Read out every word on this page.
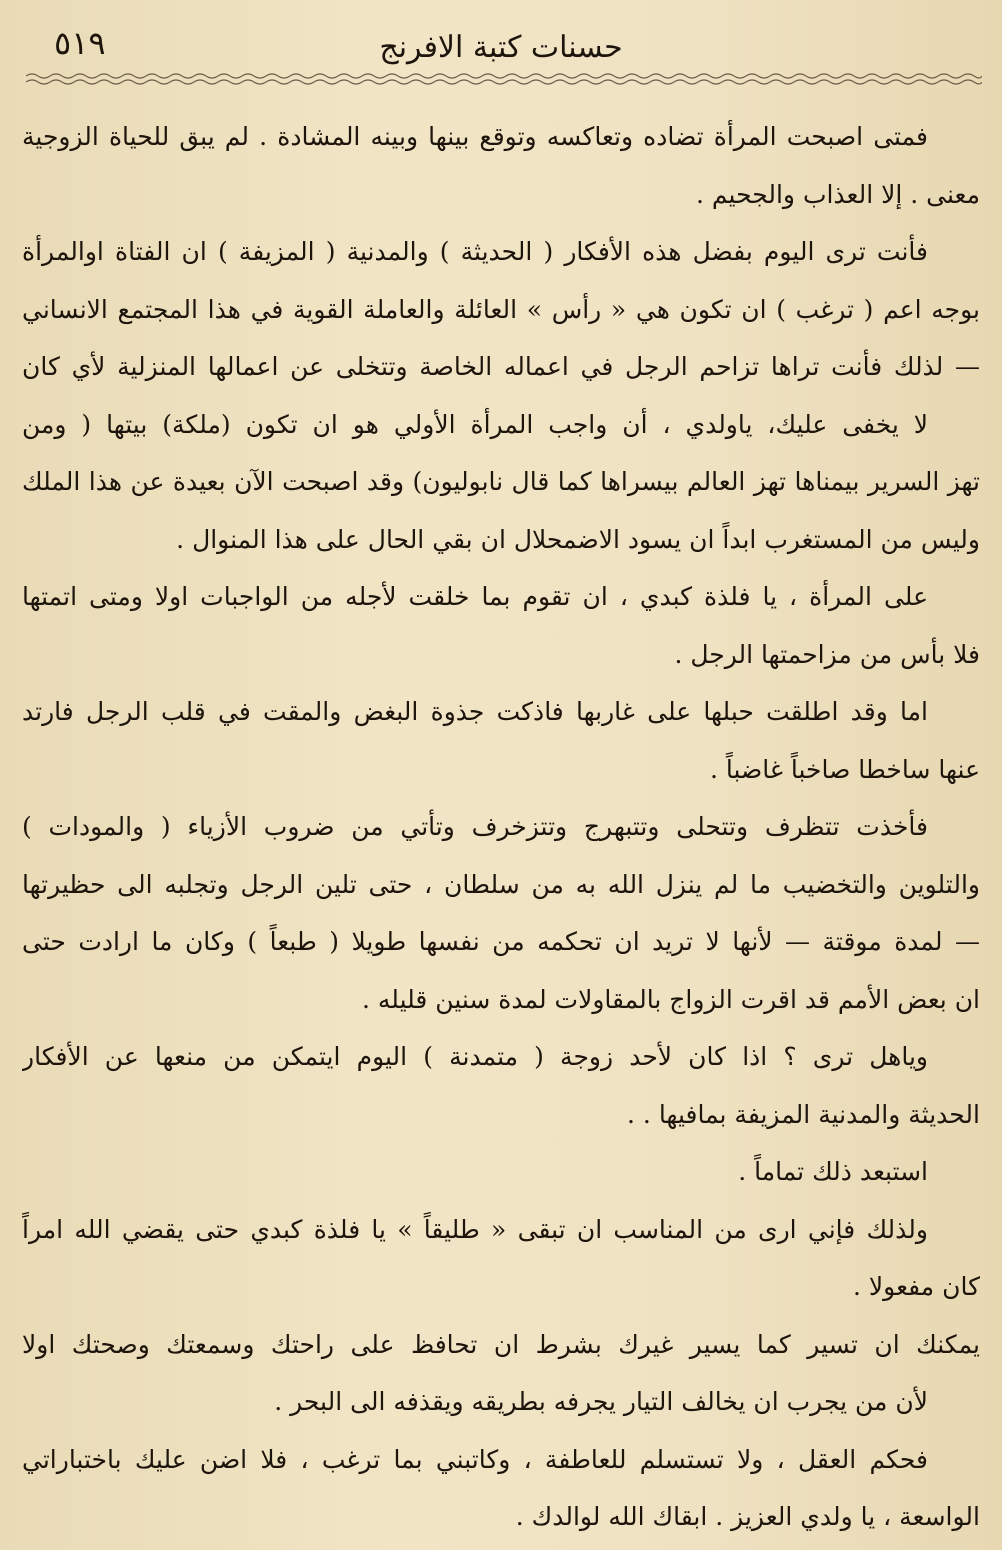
٥١٩	حسنات كتبة الافرنج
فمتى اصبحت المرأة تضاده وتعاكسه وتوقع بينها وبينه المشادة . لم يبق للحياة الزوجية
معنى . إلا العذاب والجحيم .
فأنت ترى اليوم بفضل هذه الأفكار ( الحديثة ) والمدنية ( المزيفة ) ان الفتاة اوالمرأة
بوجه اعم ( ترغب ) ان تكون هي « رأس » العائلة والعاملة القوية في هذا المجتمع الانساني
— لذلك فأنت تراها تزاحم الرجل في اعماله الخاصة وتتخلى عن اعمالها المنزلية لأي كان
لا يخفى عليك، ياولدي ، أن واجب المرأة الأولي هو ان تكون (ملكة) بيتها ( ومن
تهز السرير بيمناها تهز العالم بيسراها كما قال نابوليون) وقد اصبحت الآن بعيدة عن هذا الملك
وليس من المستغرب ابداً ان يسود الاضمحلال ان بقي الحال على هذا المنوال .
على المرأة ، يا فلذة كبدي ، ان تقوم بما خلقت لأجله من الواجبات اولا ومتى اتمتها
فلا بأس من مزاحمتها الرجل .
اما وقد اطلقت حبلها على غاربها فاذكت جذوة البغض والمقت في قلب الرجل فارتد
عنها ساخطا صاخباً غاضباً .
فأخذت تتظرف وتتحلى وتتبهرج وتتزخرف وتأتي من ضروب الأزياء ( والمودات )
والتلوين والتخضيب ما لم ينزل الله به من سلطان ، حتى تلين الرجل وتجلبه الى حظيرتها
— لمدة موقتة — لأنها لا تريد ان تحكمه من نفسها طويلا ( طبعاً ) وكان ما ارادت حتى
ان بعض الأمم قد اقرت الزواج بالمقاولات لمدة سنين قليله .
وياهل ترى ؟ اذا كان لأحد زوجة ( متمدنة ) اليوم ايتمكن من منعها عن الأفكار
الحديثة والمدنية المزيفة بمافيها . .
استبعد ذلك تماماً .
ولذلك فإني ارى من المناسب ان تبقى « طليقاً » يا فلذة كبدي حتى يقضي الله امراً
كان مفعولا .
يمكنك ان تسير كما يسير غيرك بشرط ان تحافظ على راحتك وسمعتك وصحتك اولا
لأن من يجرب ان يخالف التيار يجرفه بطريقه ويقذفه الى البحر .
فحكم العقل ، ولا تستسلم للعاطفة ، وكاتبني بما ترغب ، فلا اضن عليك باختباراتي
الواسعة ، يا ولدي العزيز . ابقاك الله لوالدك .
